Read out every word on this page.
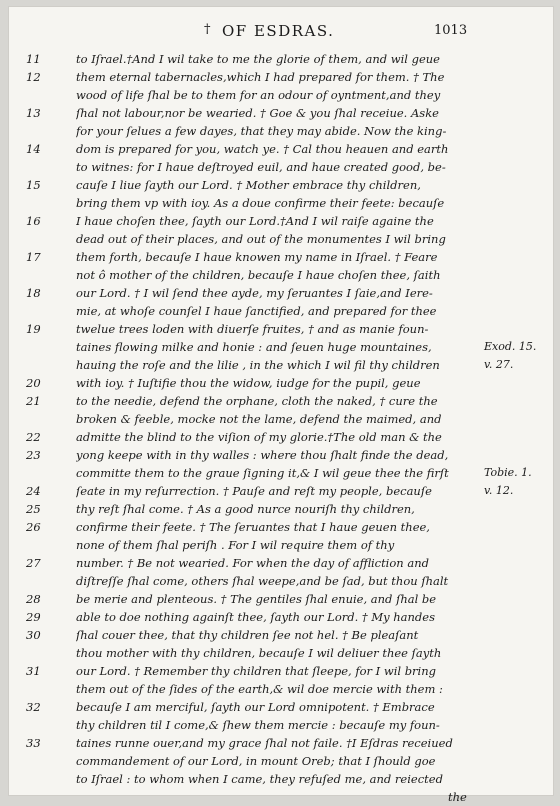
† OF ESDRAS.	1013
11	to Iſrael.†And I wil take to me the glorie of them, and wil geue
12	them eternal tabernacles,which I had prepared for them. † The
wood of life ſhal be to them for an odour of oyntment,and they
13	ſhal not labour,nor be wearied. † Goe & you ſhal receiue. Aske
for your ſelues a few dayes, that they may abide. Now the king-
14	dom is prepared for you, watch ye. † Cal thou heauen and earth
to witnes: for I haue deſtroyed euil, and haue created good, be-
15	cauſe I liue ſayth our Lord. † Mother embrace thy children,
bring them vp with ioy. As a doue confirme their feete: becauſe
16	I haue choſen thee, ſayth our Lord.†And I wil raiſe againe the
dead out of their places, and out of the monumentes I wil bring
17	them forth, becauſe I haue knowen my name in Iſrael. † Feare
not ô mother of the children, becauſe I haue choſen thee, ſaith
18	our Lord. † I wil ſend thee ayde, my ſeruantes I ſaie,and Iere-
mie, at whoſe counſel I haue ſanctified, and prepared for thee
19	twelue trees loden with diuerſe fruites, † and as manie foun-
taines flowing milke and honie : and ſeuen huge mountaines,	Exod. 15.
hauing the roſe and the lilie , in the which I wil fil thy children	v. 27.
20	with ioy. † Iuſtifie thou the widow, iudge for the pupil, geue
21	to the needie, defend the orphane, cloth the naked, † cure the
broken & feeble, mocke not the lame, defend the maimed, and
22	admitte the blind to the viſion of my glorie.†The old man & the
23	yong keepe with in thy walles : where thou ſhalt finde the dead,
committe them to the graue ſigning it,& I wil geue thee the firſt	Tobie. 1.
24	ſeate in my reſurrection. † Pauſe and reſt my people, becauſe	v. 12.
25	thy reſt ſhal come. † As a good nurce nouriſh thy children,
26	confirme their feete. † The ſeruantes that I haue geuen thee,
none of them ſhal periſh . For I wil require them of thy
27	number. † Be not wearied. For when the day of affliction and
diſtreſſe ſhal come, others ſhal weepe,and be ſad, but thou ſhalt
28	be merie and plenteous. † The gentiles ſhal enuie, and ſhal be
29	able to doe nothing againſt thee, ſayth our Lord. † My handes
30	ſhal couer thee, that thy children ſee not hel. † Be pleaſant
thou mother with thy children, becauſe I wil deliuer thee ſayth
31	our Lord. † Remember thy children that ſleepe, for I wil bring
them out of the ſides of the earth,& wil doe mercie with them :
32	becauſe I am merciful, ſayth our Lord omnipotent. † Embrace
thy children til I come,& ſhew them mercie : becauſe my foun-
33	taines runne ouer,and my grace ſhal not faile. †I Eſdras receiued
commandement of our Lord, in mount Oreb; that I ſhould goe
to Iſrael : to whom when I came, they refuſed me, and reiected
the
